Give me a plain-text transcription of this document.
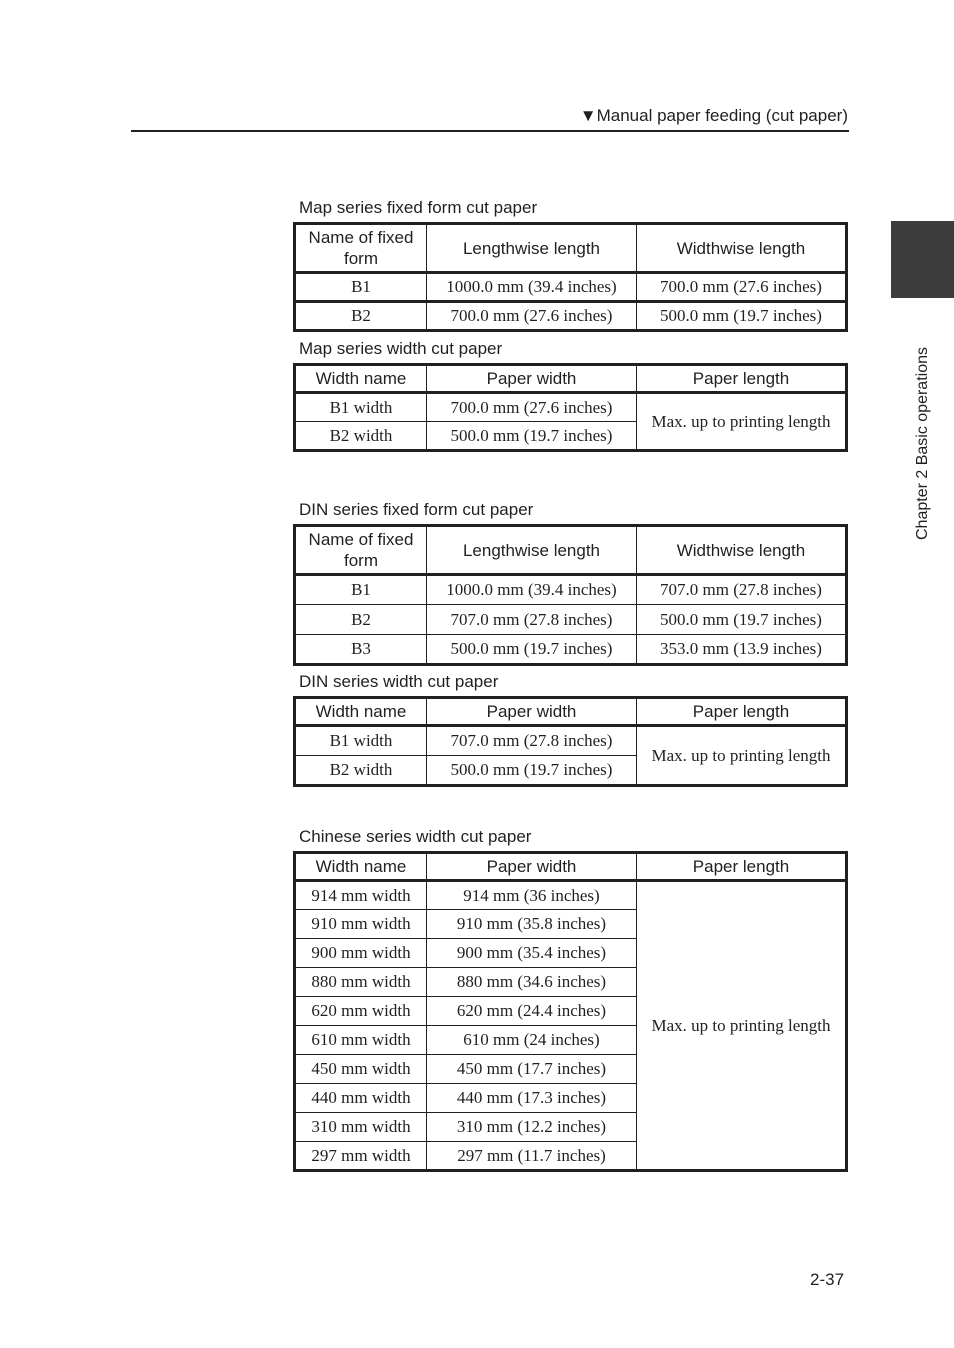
▼Manual paper feeding (cut paper)
Chapter 2 Basic operations
Map series fixed form cut paper
Name of fixed form	Lengthwise length	Widthwise length
B1	1000.0 mm (39.4 inches)	700.0 mm (27.6 inches)
B2	700.0 mm (27.6 inches)	500.0 mm (19.7 inches)
Map series width cut paper
Width name	Paper width	Paper length
B1 width	700.0 mm (27.6 inches)	Max. up to printing length
B2 width	500.0 mm (19.7 inches)	
DIN series fixed form cut paper
Name of fixed form	Lengthwise length	Widthwise length
B1	1000.0 mm (39.4 inches)	707.0 mm (27.8 inches)
B2	707.0 mm (27.8 inches)	500.0 mm (19.7 inches)
B3	500.0 mm (19.7 inches)	353.0 mm (13.9 inches)
DIN series width cut paper
Width name	Paper width	Paper length
B1 width	707.0 mm (27.8 inches)	Max. up to printing length
B2 width	500.0 mm (19.7 inches)	
Chinese series width cut paper
Width name	Paper width	Paper length
914 mm width	914 mm (36 inches)	Max. up to printing length
910 mm width	910 mm (35.8 inches)	
900 mm width	900 mm (35.4 inches)	
880 mm width	880 mm (34.6 inches)	
620 mm width	620 mm (24.4 inches)	
610 mm width	610 mm (24 inches)	
450 mm width	450 mm (17.7 inches)	
440 mm width	440 mm (17.3 inches)	
310 mm width	310 mm (12.2 inches)	
297 mm width	297 mm (11.7 inches)	
2-37
